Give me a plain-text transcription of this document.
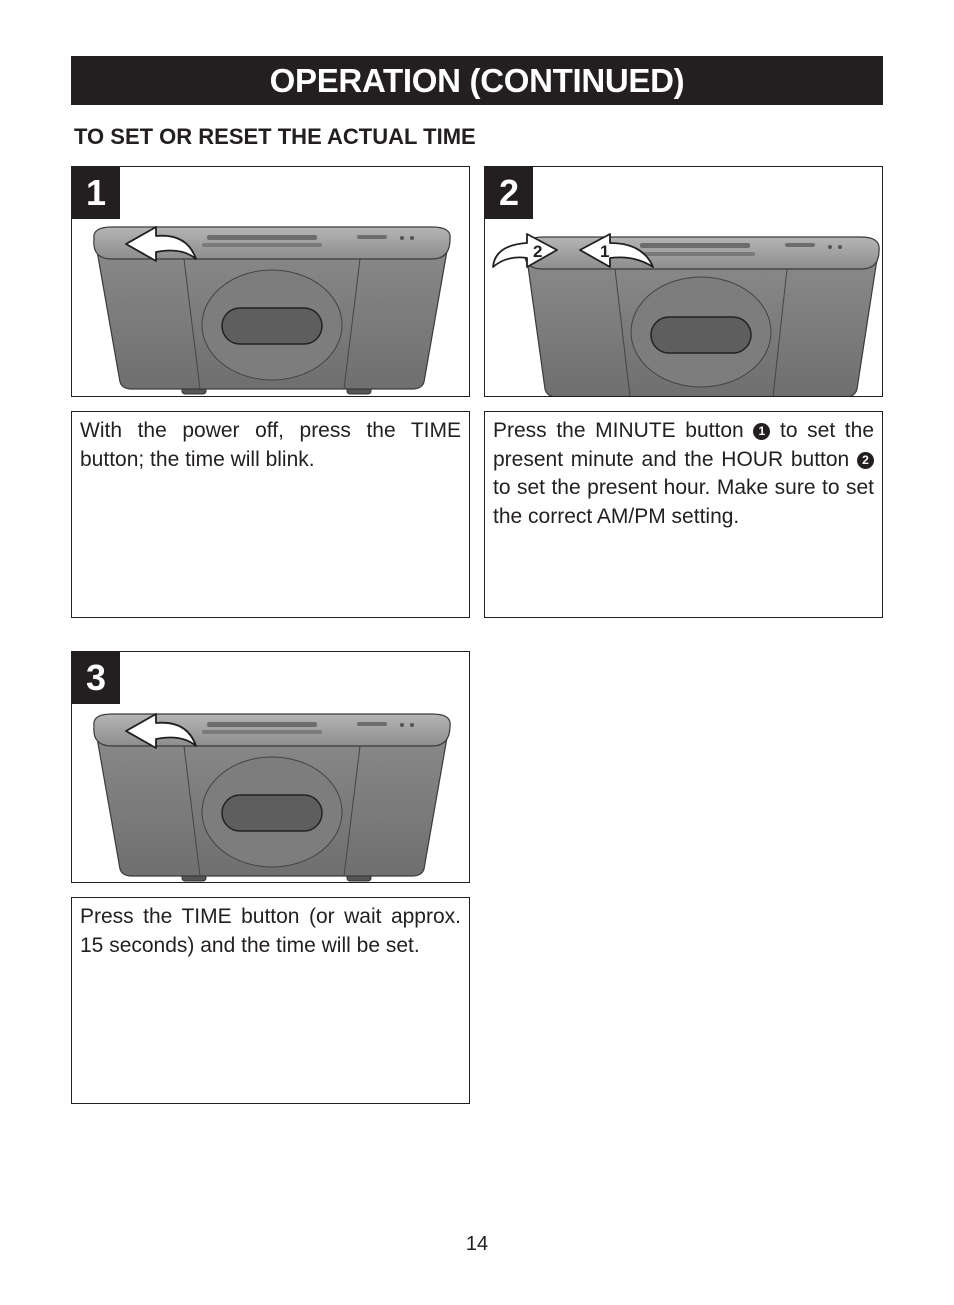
OPERATION (CONTINUED)
TO SET OR RESET THE ACTUAL TIME
1	2
2	1

With the power off, press the TIME button; the time will blink.

Press the MINUTE button 1 to set the present minute and the HOUR button 2 to set the present hour. Make sure to set the correct AM/PM setting.

3

Press the TIME button (or wait approx. 15 seconds) and the time will be set.

14
